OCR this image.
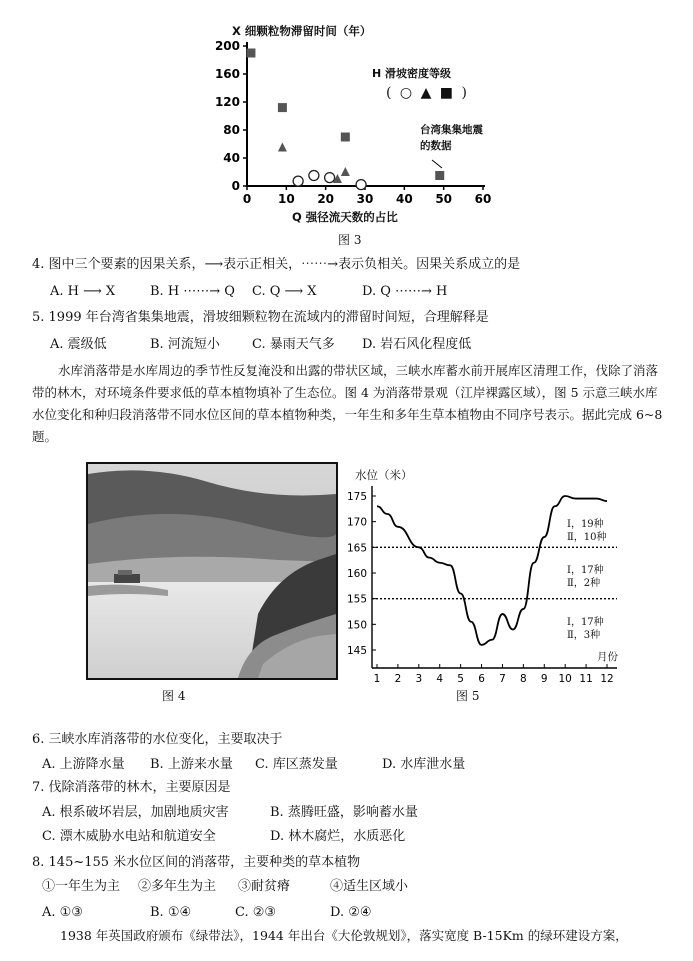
0
40
80
120
160
200
0 10 20 30 40 50 60
X 细颗粒物滞留时间（年）
Q 强径流天数的占比
H 滑坡密度等级
( ○ ▲ ■ )
台湾集集地震
的数据
图 3
4. 图中三个要素的因果关系，⟶表示正相关，⋯⋯→表示负相关。因果关系成立的是
A. H ⟶ X	B. H ⋯⋯→ Q C. Q ⟶ X	D. Q ⋯⋯→ H
5. 1999 年台湾省集集地震，滑坡细颗粒物在流域内的滞留时间短，合理解释是
A. 震级低	B. 河流短小 C. 暴雨天气多 D. 岩石风化程度低
水库消落带是水库周边的季节性反复淹没和出露的带状区域，三峡水库蓄水前开展库区清理工作，伐除了消落带的林木，对环境条件要求低的草本植物填补了生态位。图 4 为消落带景观（江岸裸露区域），图 5 示意三峡水库水位变化和种归段消落带不同水位区间的草本植物种类，一年生和多年生草本植物由不同序号表示。据此完成 6~8 题。
图 4
145
150
155
160
165
170
175
1 2 3 4 5 6 7 8 9 10 11 12
水位（米）
月份
Ⅰ，19种
Ⅱ，10种
Ⅰ，17种
Ⅱ，2种
Ⅰ，17种
Ⅱ，3种
图 5
6. 三峡水库消落带的水位变化，主要取决于
A. 上游降水量 B. 上游来水量 C. 库区蒸发量	D. 水库泄水量
7. 伐除消落带的林木，主要原因是
A. 根系破坏岩层，加剧地质灾害	B. 蒸腾旺盛，影响蓄水量
C. 漂木威胁水电站和航道安全	D. 林木腐烂，水质恶化
8. 145~155 米水位区间的消落带，主要种类的草本植物
①一年生为主 ②多年生为主 ③耐贫瘠	④适生区域小
A. ①③	B. ①④	C. ②③	D. ②④
1938 年英国政府颁布《绿带法》，1944 年出台《大伦敦规划》，落实宽度 B-15Km 的绿环建设方案，
